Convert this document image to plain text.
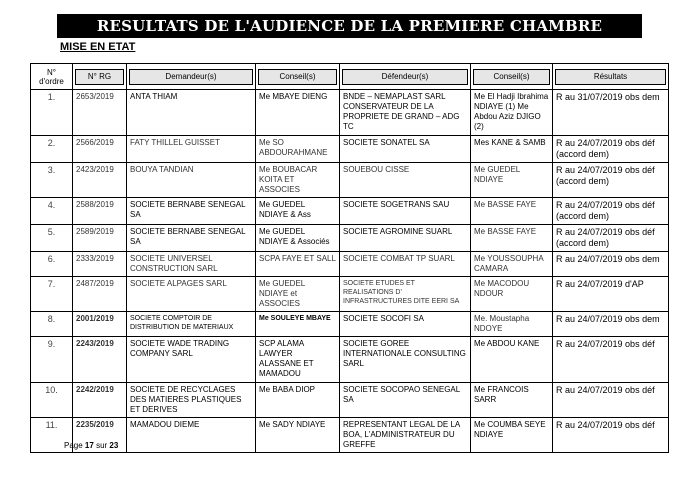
RESULTATS DE L'AUDIENCE DE LA PREMIERE CHAMBRE
MISE EN ETAT
N°
d'ordre	N° RG	Demandeur(s)	Conseil(s)	Défendeur(s)	Conseil(s)	Résultats

1.	2653/2019	ANTA THIAM	Me MBAYE DIENG	BNDE – NEMAPLAST SARL CONSERVATEUR DE LA PROPRIETE DE GRAND – ADG TC	Me El Hadji Ibrahima NDIAYE (1) Me Abdou Aziz DJIGO (2)	R au 31/07/2019 obs dem
2.	2566/2019	FATY THILLEL GUISSET	Me SO ABDOURAHMANE	SOCIETE SONATEL SA	Mes KANE & SAMB	R au 24/07/2019 obs déf (accord dem)
3.	2423/2019	BOUYA TANDIAN	Me BOUBACAR KOITA ET ASSOCIES	SOUEBOU CISSE	Me GUEDEL NDIAYE	R au 24/07/2019 obs déf (accord dem)
4.	2588/2019	SOCIETE BERNABE SENEGAL SA	Me GUEDEL NDIAYE & Ass	SOCIETE SOGETRANS SAU	Me BASSE FAYE	R au 24/07/2019 obs déf (accord dem)
5.	2589/2019	SOCIETE BERNABE SENEGAL SA	Me GUEDEL NDIAYE & Associés	SOCIETE AGROMINE SUARL	Me BASSE FAYE	R au 24/07/2019 obs déf (accord dem)
6.	2333/2019	SOCIETE UNIVERSEL CONSTRUCTION SARL	SCPA FAYE ET SALL	SOCIETE COMBAT TP SUARL	Me YOUSSOUPHA CAMARA	R au 24/07/2019 obs dem
7.	2487/2019	SOCIETE ALPAGES SARL	Me GUEDEL NDIAYE et ASSOCIES	SOCIETE ETUDES ET REALISATIONS D' INFRASTRUCTURES DITE EERI SA	Me MACODOU NDOUR	R au 24/07/2019 d'AP
8.	2001/2019	SOCIETE COMPTOIR DE DISTRIBUTION DE MATERIAUX	Me SOULEYE MBAYE	SOCIETE SOCOFI SA	Me. Moustapha NDOYE	R au 24/07/2019 obs dem
9.	2243/2019	SOCIETE WADE TRADING COMPANY SARL	SCP ALAMA LAWYER ALASSANE ET MAMADOU	SOCIETE GOREE INTERNATIONALE CONSULTING SARL	Me ABDOU KANE	R au 24/07/2019 obs déf
10.	2242/2019	SOCIETE DE RECYCLAGES DES MATIERES PLASTIQUES ET DERIVES	Me BABA DIOP	SOCIETE SOCOPAO SENEGAL SA	Me FRANCOIS SARR	R au 24/07/2019 obs déf
11.	2235/2019	MAMADOU DIEME	Me SADY NDIAYE	REPRESENTANT LEGAL DE LA BOA, L'ADMINISTRATEUR DU GREFFE	Me COUMBA SEYE NDIAYE	R au 24/07/2019 obs déf
Page 17 sur 23
